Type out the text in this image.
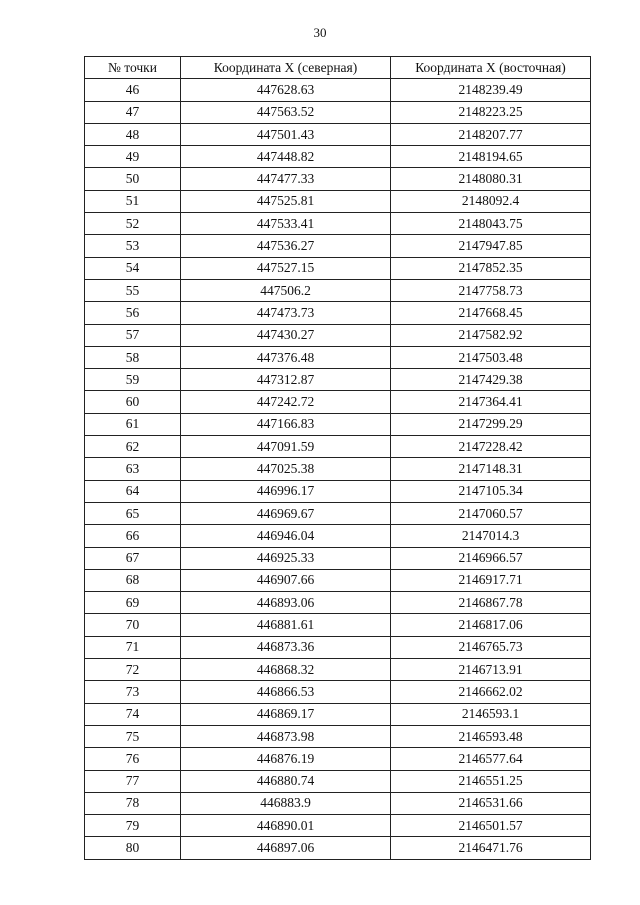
30
№ точки	Координата X (северная)	Координата X (восточная)
46	447628.63	2148239.49
47	447563.52	2148223.25
48	447501.43	2148207.77
49	447448.82	2148194.65
50	447477.33	2148080.31
51	447525.81	2148092.4
52	447533.41	2148043.75
53	447536.27	2147947.85
54	447527.15	2147852.35
55	447506.2	2147758.73
56	447473.73	2147668.45
57	447430.27	2147582.92
58	447376.48	2147503.48
59	447312.87	2147429.38
60	447242.72	2147364.41
61	447166.83	2147299.29
62	447091.59	2147228.42
63	447025.38	2147148.31
64	446996.17	2147105.34
65	446969.67	2147060.57
66	446946.04	2147014.3
67	446925.33	2146966.57
68	446907.66	2146917.71
69	446893.06	2146867.78
70	446881.61	2146817.06
71	446873.36	2146765.73
72	446868.32	2146713.91
73	446866.53	2146662.02
74	446869.17	2146593.1
75	446873.98	2146593.48
76	446876.19	2146577.64
77	446880.74	2146551.25
78	446883.9	2146531.66
79	446890.01	2146501.57
80	446897.06	2146471.76
